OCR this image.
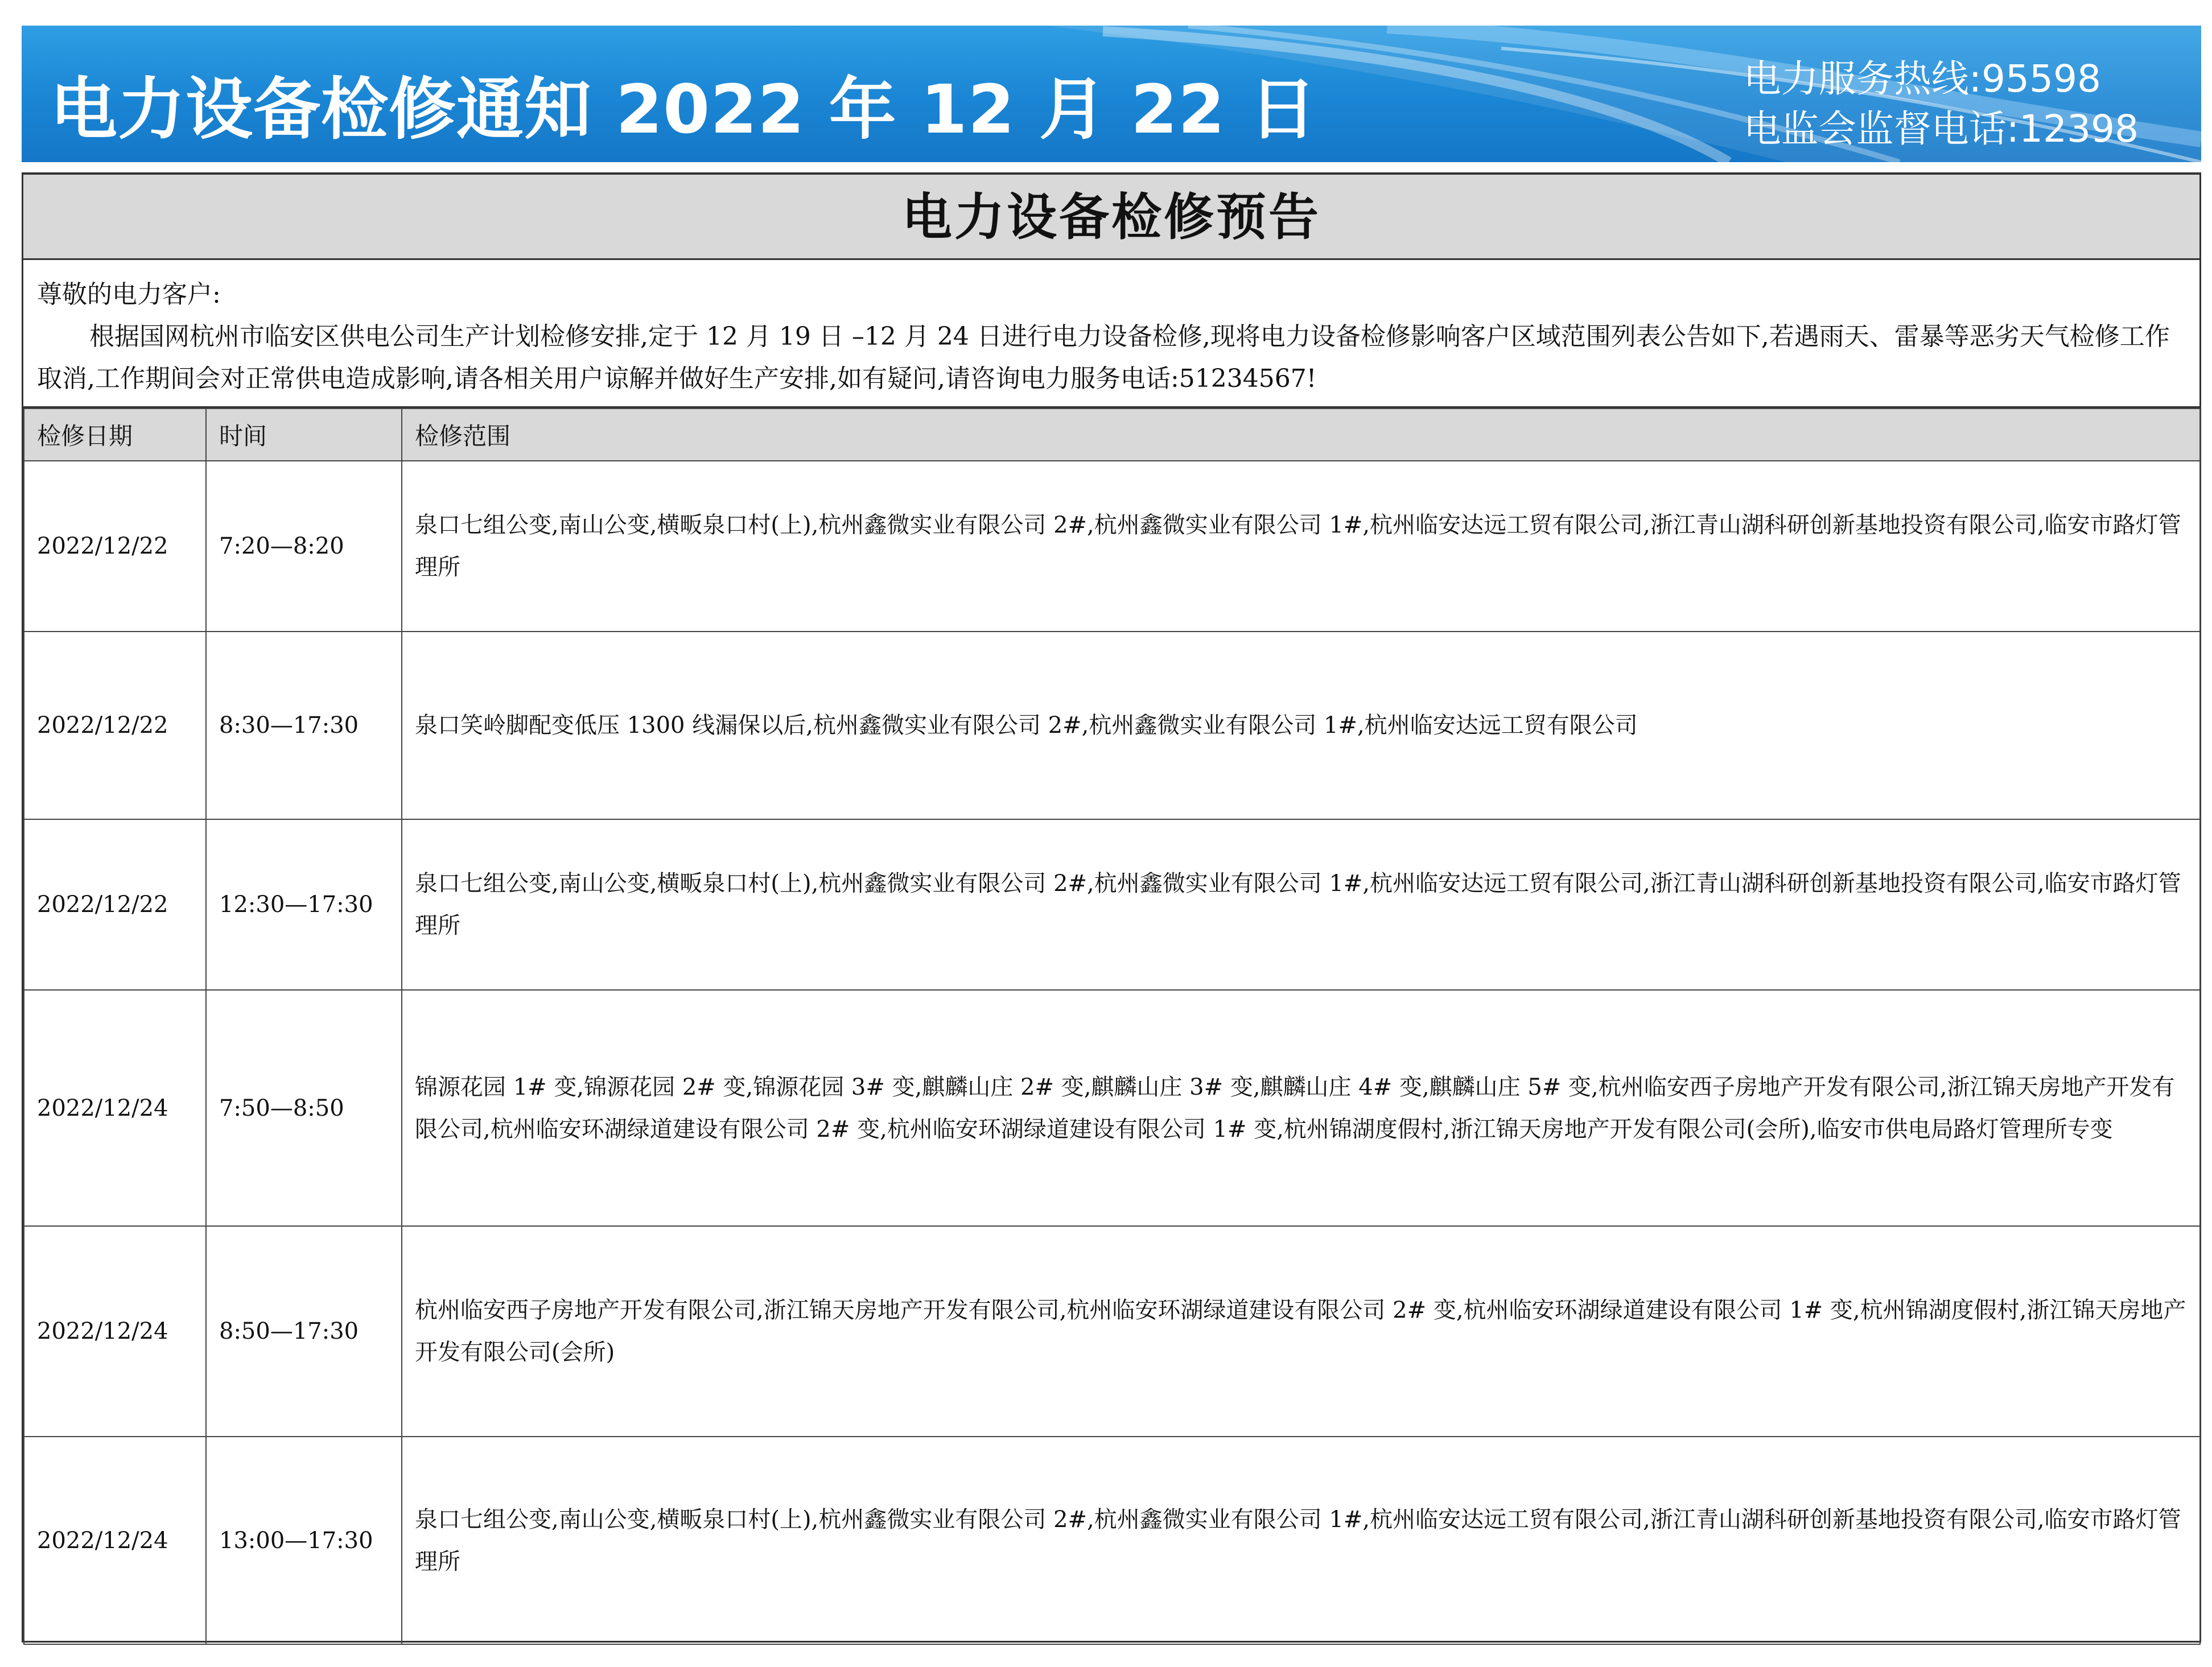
电力设备检修通知 2022 年 12 月 22 日	电力服务热线:95598
电监会监督电话:12398
电力设备检修预告

尊敬的电力客户:

根据国网杭州市临安区供电公司生产计划检修安排,定于 12 月 19 日 –12 月 24 日进行电力设备检修,现将电力设备检修影响客户区域范围列表公告如下,若遇雨天、雷暴等恶劣天气检修工作取消,工作期间会对正常供电造成影响,请各相关用户谅解并做好生产安排,如有疑问,请咨询电力服务电话:51234567!

检修日期	时间	检修范围
2022/12/22	7:20—8:20	泉口七组公变,南山公变,横畈泉口村(上),杭州鑫微实业有限公司 2#,杭州鑫微实业有限公司 1#,杭州临安达远工贸有限公司,浙江青山湖科研创新基地投资有限公司,临安市路灯管理所
2022/12/22	8:30—17:30	泉口笑岭脚配变低压 1300 线漏保以后,杭州鑫微实业有限公司 2#,杭州鑫微实业有限公司 1#,杭州临安达远工贸有限公司
2022/12/22	12:30—17:30	泉口七组公变,南山公变,横畈泉口村(上),杭州鑫微实业有限公司 2#,杭州鑫微实业有限公司 1#,杭州临安达远工贸有限公司,浙江青山湖科研创新基地投资有限公司,临安市路灯管理所
2022/12/24	7:50—8:50	锦源花园 1# 变,锦源花园 2# 变,锦源花园 3# 变,麒麟山庄 2# 变,麒麟山庄 3# 变,麒麟山庄 4# 变,麒麟山庄 5# 变,杭州临安西子房地产开发有限公司,浙江锦天房地产开发有限公司,杭州临安环湖绿道建设有限公司 2# 变,杭州临安环湖绿道建设有限公司 1# 变,杭州锦湖度假村,浙江锦天房地产开发有限公司(会所),临安市供电局路灯管理所专变
2022/12/24	8:50—17:30	杭州临安西子房地产开发有限公司,浙江锦天房地产开发有限公司,杭州临安环湖绿道建设有限公司 2# 变,杭州临安环湖绿道建设有限公司 1# 变,杭州锦湖度假村,浙江锦天房地产开发有限公司(会所)
2022/12/24	13:00—17:30	泉口七组公变,南山公变,横畈泉口村(上),杭州鑫微实业有限公司 2#,杭州鑫微实业有限公司 1#,杭州临安达远工贸有限公司,浙江青山湖科研创新基地投资有限公司,临安市路灯管理所
